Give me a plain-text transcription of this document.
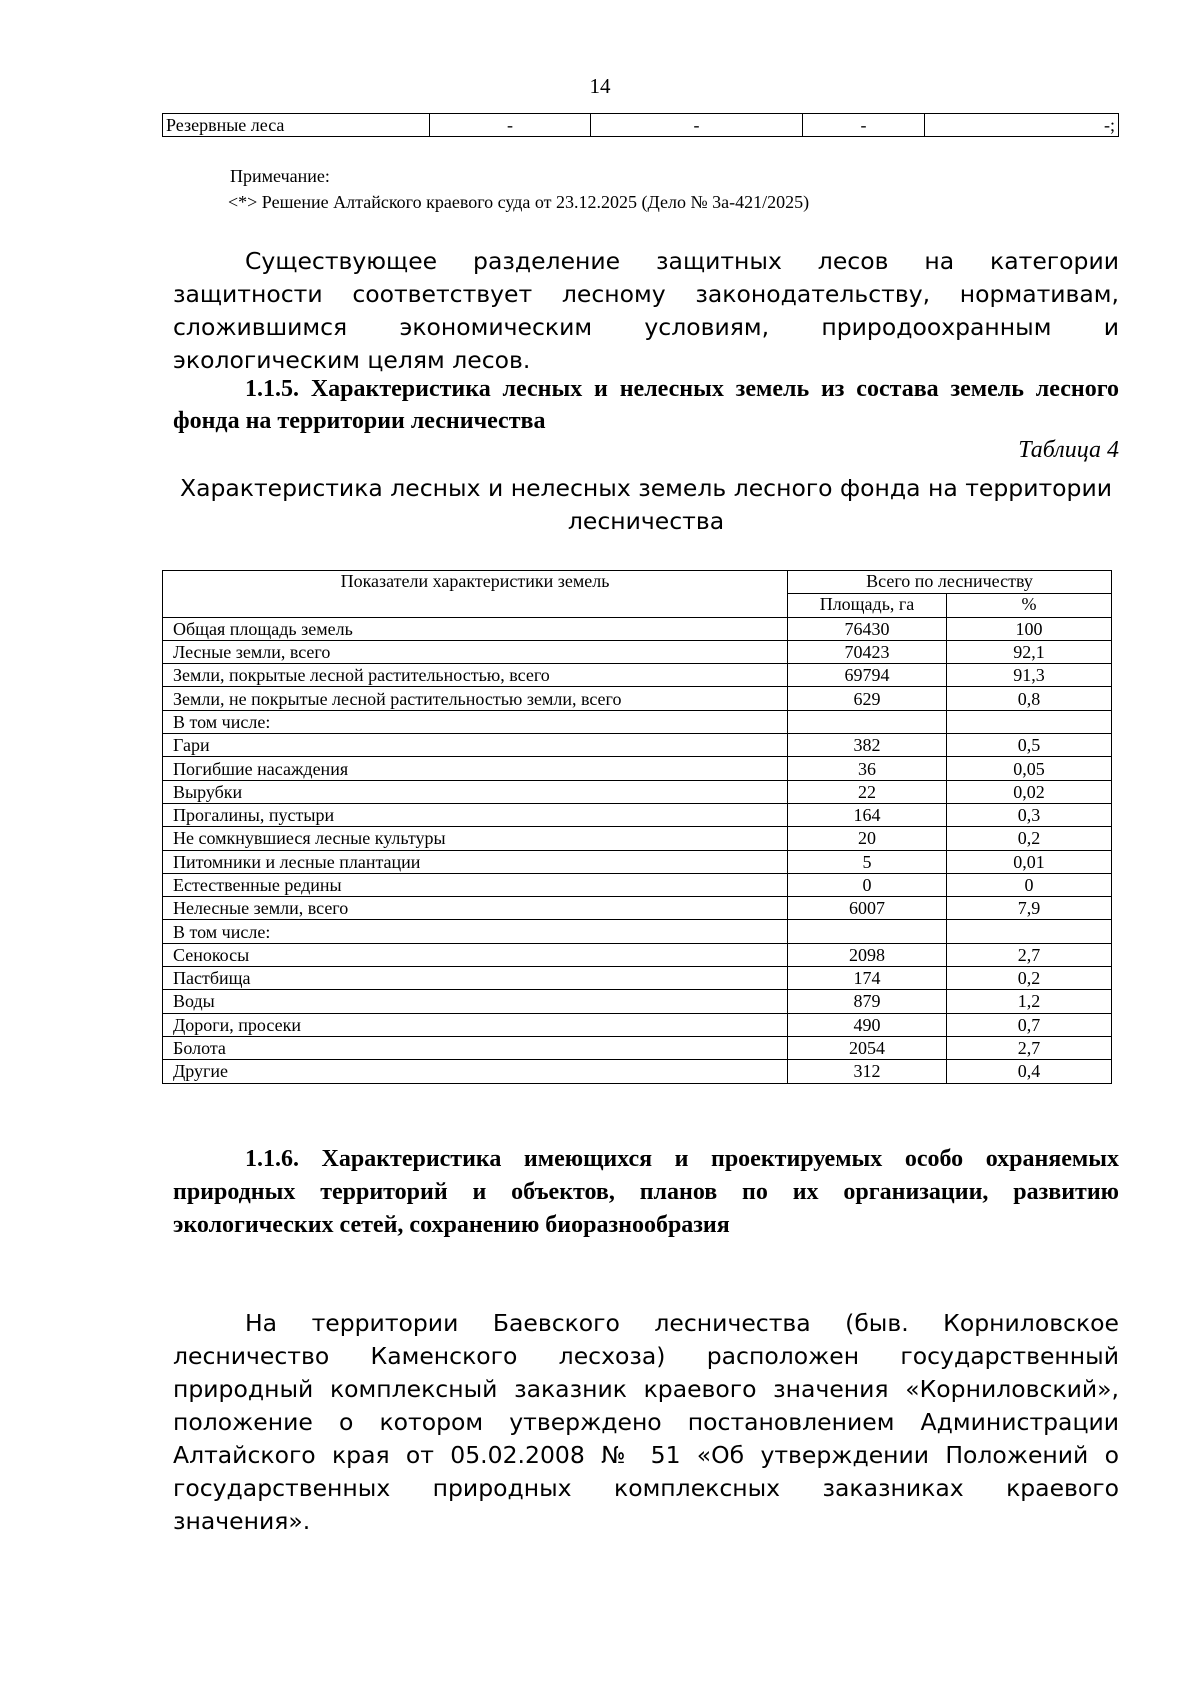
14
Резервные леса	-	-	-	-;
Примечание:
<*> Решение Алтайского краевого суда от 23.12.2025 (Дело № 3а-421/2025)

Существующее разделение защитных лесов на категории защитности соответствует лесному законодательству, нормативам, сложившимся экономическим условиям, природоохранным и экологическим целям лесов.

1.1.5. Характеристика лесных и нелесных земель из состава земель лесного фонда на территории лесничества

Таблица 4
Характеристика лесных и нелесных земель лесного фонда на территории лесничества
Показатели характеристики земель	Всего по лесничеству	
	Площадь, га	%
Общая площадь земель	76430	100
Лесные земли, всего	70423	92,1
Земли, покрытые лесной растительностью, всего	69794	91,3
Земли, не покрытые лесной растительностью земли, всего	629	0,8
В том числе:		
Гари	382	0,5
Погибшие насаждения	36	0,05
Вырубки	22	0,02
Прогалины, пустыри	164	0,3
Не сомкнувшиеся лесные культуры	20	0,2
Питомники и лесные плантации	5	0,01
Естественные редины	0	0
Нелесные земли, всего	6007	7,9
В том числе:		
Сенокосы	2098	2,7
Пастбища	174	0,2
Воды	879	1,2
Дороги, просеки	490	0,7
Болота	2054	2,7
Другие	312	0,4

1.1.6. Характеристика имеющихся и проектируемых особо охраняемых природных территорий и объектов, планов по их организации, развитию экологических сетей, сохранению биоразнообразия

На территории Баевского лесничества (быв. Корниловское лесничество Каменского лесхоза) расположен государственный природный комплексный заказник краевого значения «Корниловский», положение о котором утверждено постановлением Администрации Алтайского края от 05.02.2008 № 51 «Об утверждении Положений о государственных природных комплексных заказниках краевого значения».
